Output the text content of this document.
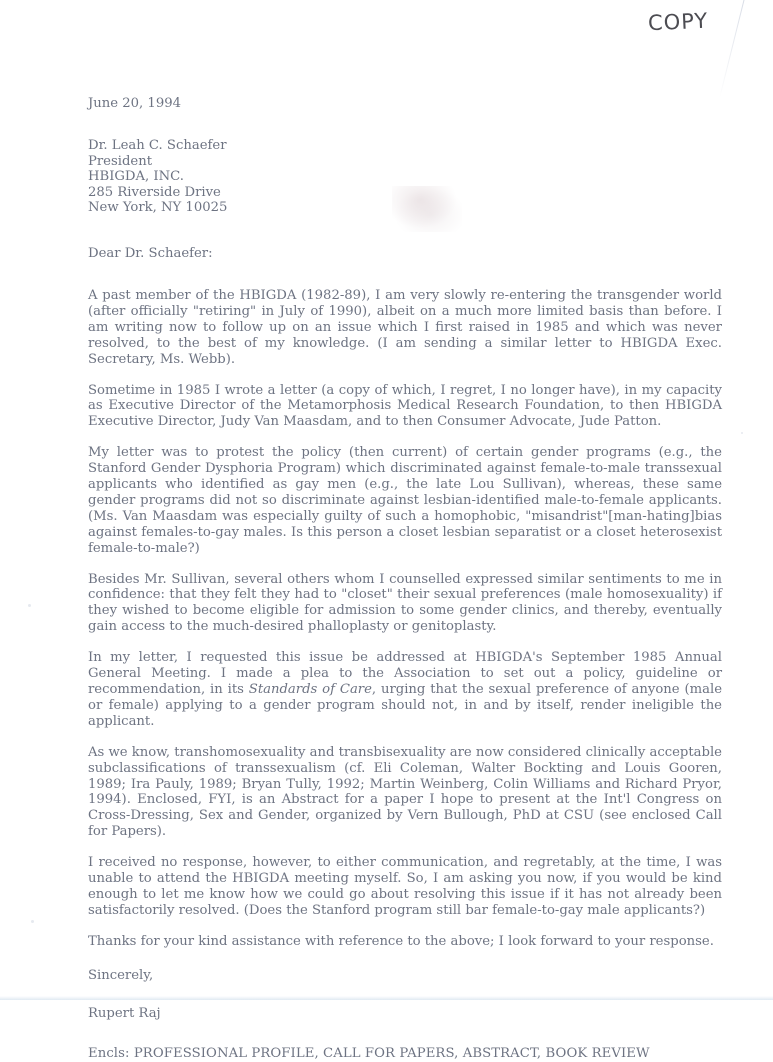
COPY

June 20, 1994

Dr. Leah C. Schaefer
President
HBIGDA, INC.
285 Riverside Drive
New York, NY 10025

Dear Dr. Schaefer:

A past member of the HBIGDA (1982-89), I am very slowly re-entering the transgender world (after officially "retiring" in July of 1990), albeit on a much more limited basis than before. I am writing now to follow up on an issue which I first raised in 1985 and which was never resolved, to the best of my knowledge. (I am sending a similar letter to HBIGDA Exec. Secretary, Ms. Webb).

Sometime in 1985 I wrote a letter (a copy of which, I regret, I no longer have), in my capacity as Executive Director of the Metamorphosis Medical Research Foundation, to then HBIGDA Executive Director, Judy Van Maasdam, and to then Consumer Advocate, Jude Patton.

My letter was to protest the policy (then current) of certain gender programs (e.g., the Stanford Gender Dysphoria Program) which discriminated against female-to-male transsexual applicants who identified as gay men (e.g., the late Lou Sullivan), whereas, these same gender programs did not so discriminate against lesbian-identified male-to-female applicants. (Ms. Van Maasdam was especially guilty of such a homophobic, "misandrist"[man-hating]bias against females-to-gay males. Is this person a closet lesbian separatist or a closet heterosexist female-to-male?)

Besides Mr. Sullivan, several others whom I counselled expressed similar sentiments to me in confidence: that they felt they had to "closet" their sexual preferences (male homosexuality) if they wished to become eligible for admission to some gender clinics, and thereby, eventually gain access to the much-desired phalloplasty or genitoplasty.

In my letter, I requested this issue be addressed at HBIGDA's September 1985 Annual General Meeting. I made a plea to the Association to set out a policy, guideline or recommendation, in its Standards of Care, urging that the sexual preference of anyone (male or female) applying to a gender program should not, in and by itself, render ineligible the applicant.

As we know, transhomosexuality and transbisexuality are now considered clinically acceptable subclassifications of transsexualism (cf. Eli Coleman, Walter Bockting and Louis Gooren, 1989; Ira Pauly, 1989; Bryan Tully, 1992; Martin Weinberg, Colin Williams and Richard Pryor, 1994). Enclosed, FYI, is an Abstract for a paper I hope to present at the Int'l Congress on Cross-Dressing, Sex and Gender, organized by Vern Bullough, PhD at CSU (see enclosed Call for Papers).

I received no response, however, to either communication, and regretably, at the time, I was unable to attend the HBIGDA meeting myself. So, I am asking you now, if you would be kind enough to let me know how we could go about resolving this issue if it has not already been satisfactorily resolved. (Does the Stanford program still bar female-to-gay male applicants?)

Thanks for your kind assistance with reference to the above; I look forward to your response.

Sincerely,

Rupert Raj

Encls: PROFESSIONAL PROFILE, CALL FOR PAPERS, ABSTRACT, BOOK REVIEW
